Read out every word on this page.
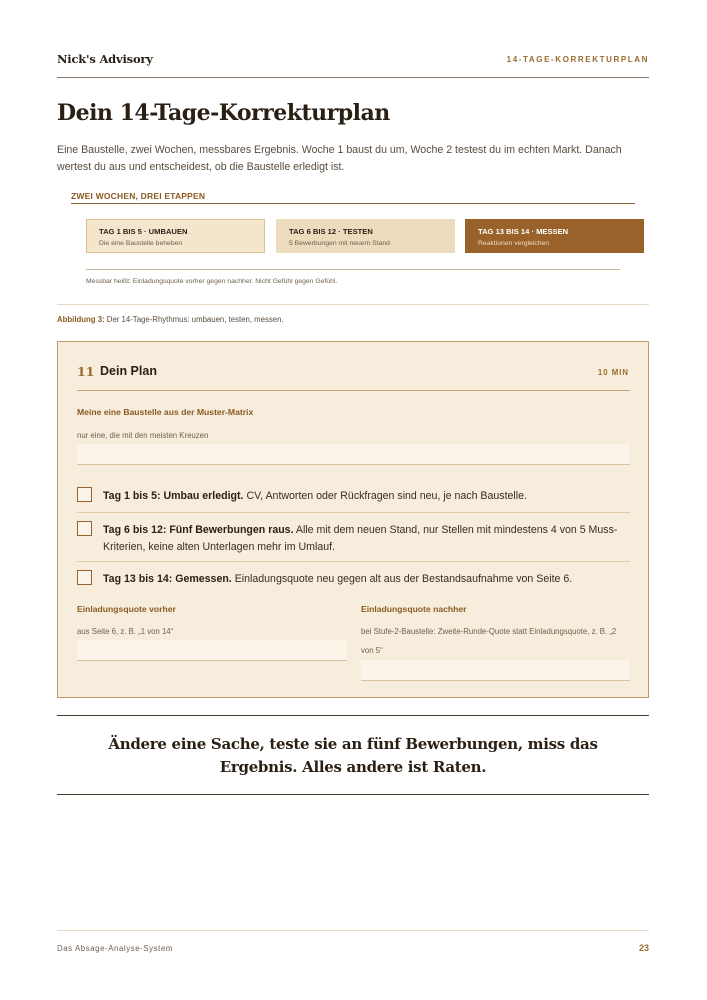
Nick's Advisory	14-TAGE-KORREKTURPLAN
Dein 14-Tage-Korrekturplan

Eine Baustelle, zwei Wochen, messbares Ergebnis. Woche 1 baust du um, Woche 2 testest du im echten Markt. Danach wertest du aus und entscheidest, ob die Baustelle erledigt ist.

ZWEI WOCHEN, DREI ETAPPEN
TAG 1 BIS 5 · UMBAUEN
Die eine Baustelle beheben
TAG 6 BIS 12 · TESTEN
5 Bewerbungen mit neuem Stand
TAG 13 BIS 14 · MESSEN
Reaktionen vergleichen

Messbar heißt: Einladungsquote vorher gegen nachher. Nicht Gefühl gegen Gefühl.

Abbildung 3: Der 14-Tage-Rhythmus: umbauen, testen, messen.

11 Dein Plan	10 MIN
Meine eine Baustelle aus der Muster-Matrix
nur eine, die mit den meisten Kreuzen
Tag 1 bis 5: Umbau erledigt. CV, Antworten oder Rückfragen sind neu, je nach Baustelle.
Tag 6 bis 12: Fünf Bewerbungen raus. Alle mit dem neuen Stand, nur Stellen mit mindestens 4 von 5 Muss-Kriterien, keine alten Unterlagen mehr im Umlauf.
Tag 13 bis 14: Gemessen. Einladungsquote neu gegen alt aus der Bestandsaufnahme von Seite 6.
Einladungsquote vorher
aus Seite 6, z. B. „1 von 14“
Einladungsquote nachher
bei Stufe-2-Baustelle: Zweite-Runde-Quote statt Einladungsquote, z. B. „2 von 5“

Ändere eine Sache, teste sie an fünf Bewerbungen, miss das Ergebnis. Alles andere ist Raten.

Das Absage-Analyse-System	23
